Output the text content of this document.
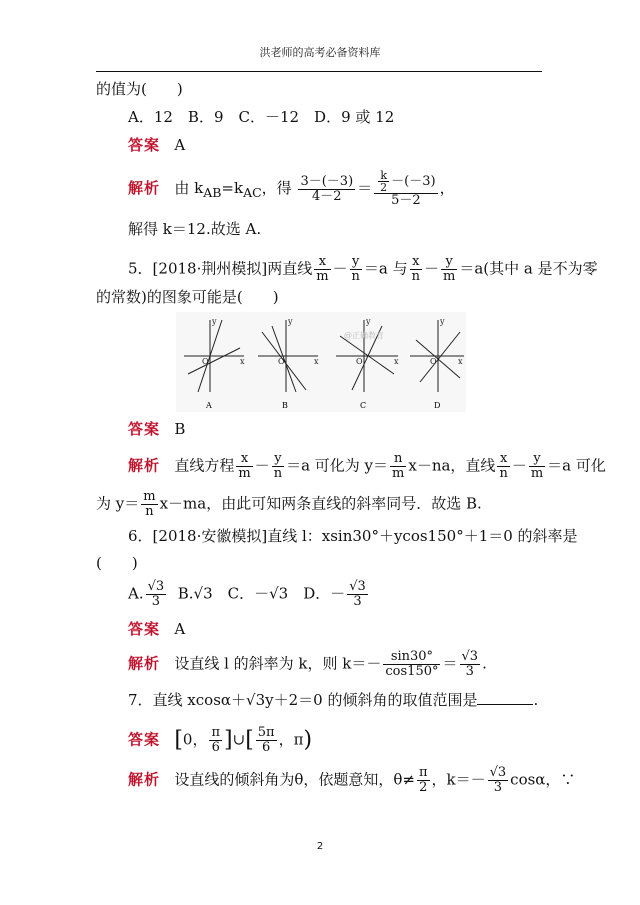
洪老师的高考必备资料库
的值为(　　)
A．12　B．9　C．－12　D．9 或 12
答案 A
解析 由 $k_{AB}=k_{AC}$，得 $\frac{3-(-3)}{4-2} = \frac{\frac{k}{2} -(-3)}{5-2}$ ，
解得 k＝12.故选 A.
5．[2018·荆州模拟]两直线 $\frac{x}{m} - \frac{y}{n} =a$ 与 $\frac{x}{n} - \frac{y}{m} =a$(其中 a 是不为零
的常数)的图象可能是(　　)
y
x
O
y
x
O
y
x
O
y
x
O
A	B	C	D
@正确教育
答案 B
解析 直线方程 $\frac{x}{m} - \frac{y}{n} =a$ 可化为 $y= \frac{n}{m} x-na$，直线 $\frac{x}{n} - \frac{y}{m} =a$ 可化
为 $y= \frac{m}{n} x-ma$，由此可知两条直线的斜率同号．故选 B.
6．[2018·安徽模拟]直线 l：xsin30°＋ycos150°＋1＝0 的斜率是
(　　)
A. $\frac{√3}{3} B.√3$　C．－√3　D．－ $\frac{√3}{3}$
答案 A
解析 设直线 l 的斜率为 k，则 $k=- \frac{\sin 30^\circ}{\cos 150^\circ} = \frac{√3}{3}$ .
7．直线 xcosα＋√3y＋2＝0 的倾斜角的取值范围是	.
答案 [0， $\frac{\pi}{6}$ ]∪[ $\frac{5\pi}{6}$ ，π)
解析 设直线的倾斜角为θ，依题意知，$\theta\ne \frac{\pi}{2}$ ，$k=- \frac{√3}{3}$ cosα，∵
2
